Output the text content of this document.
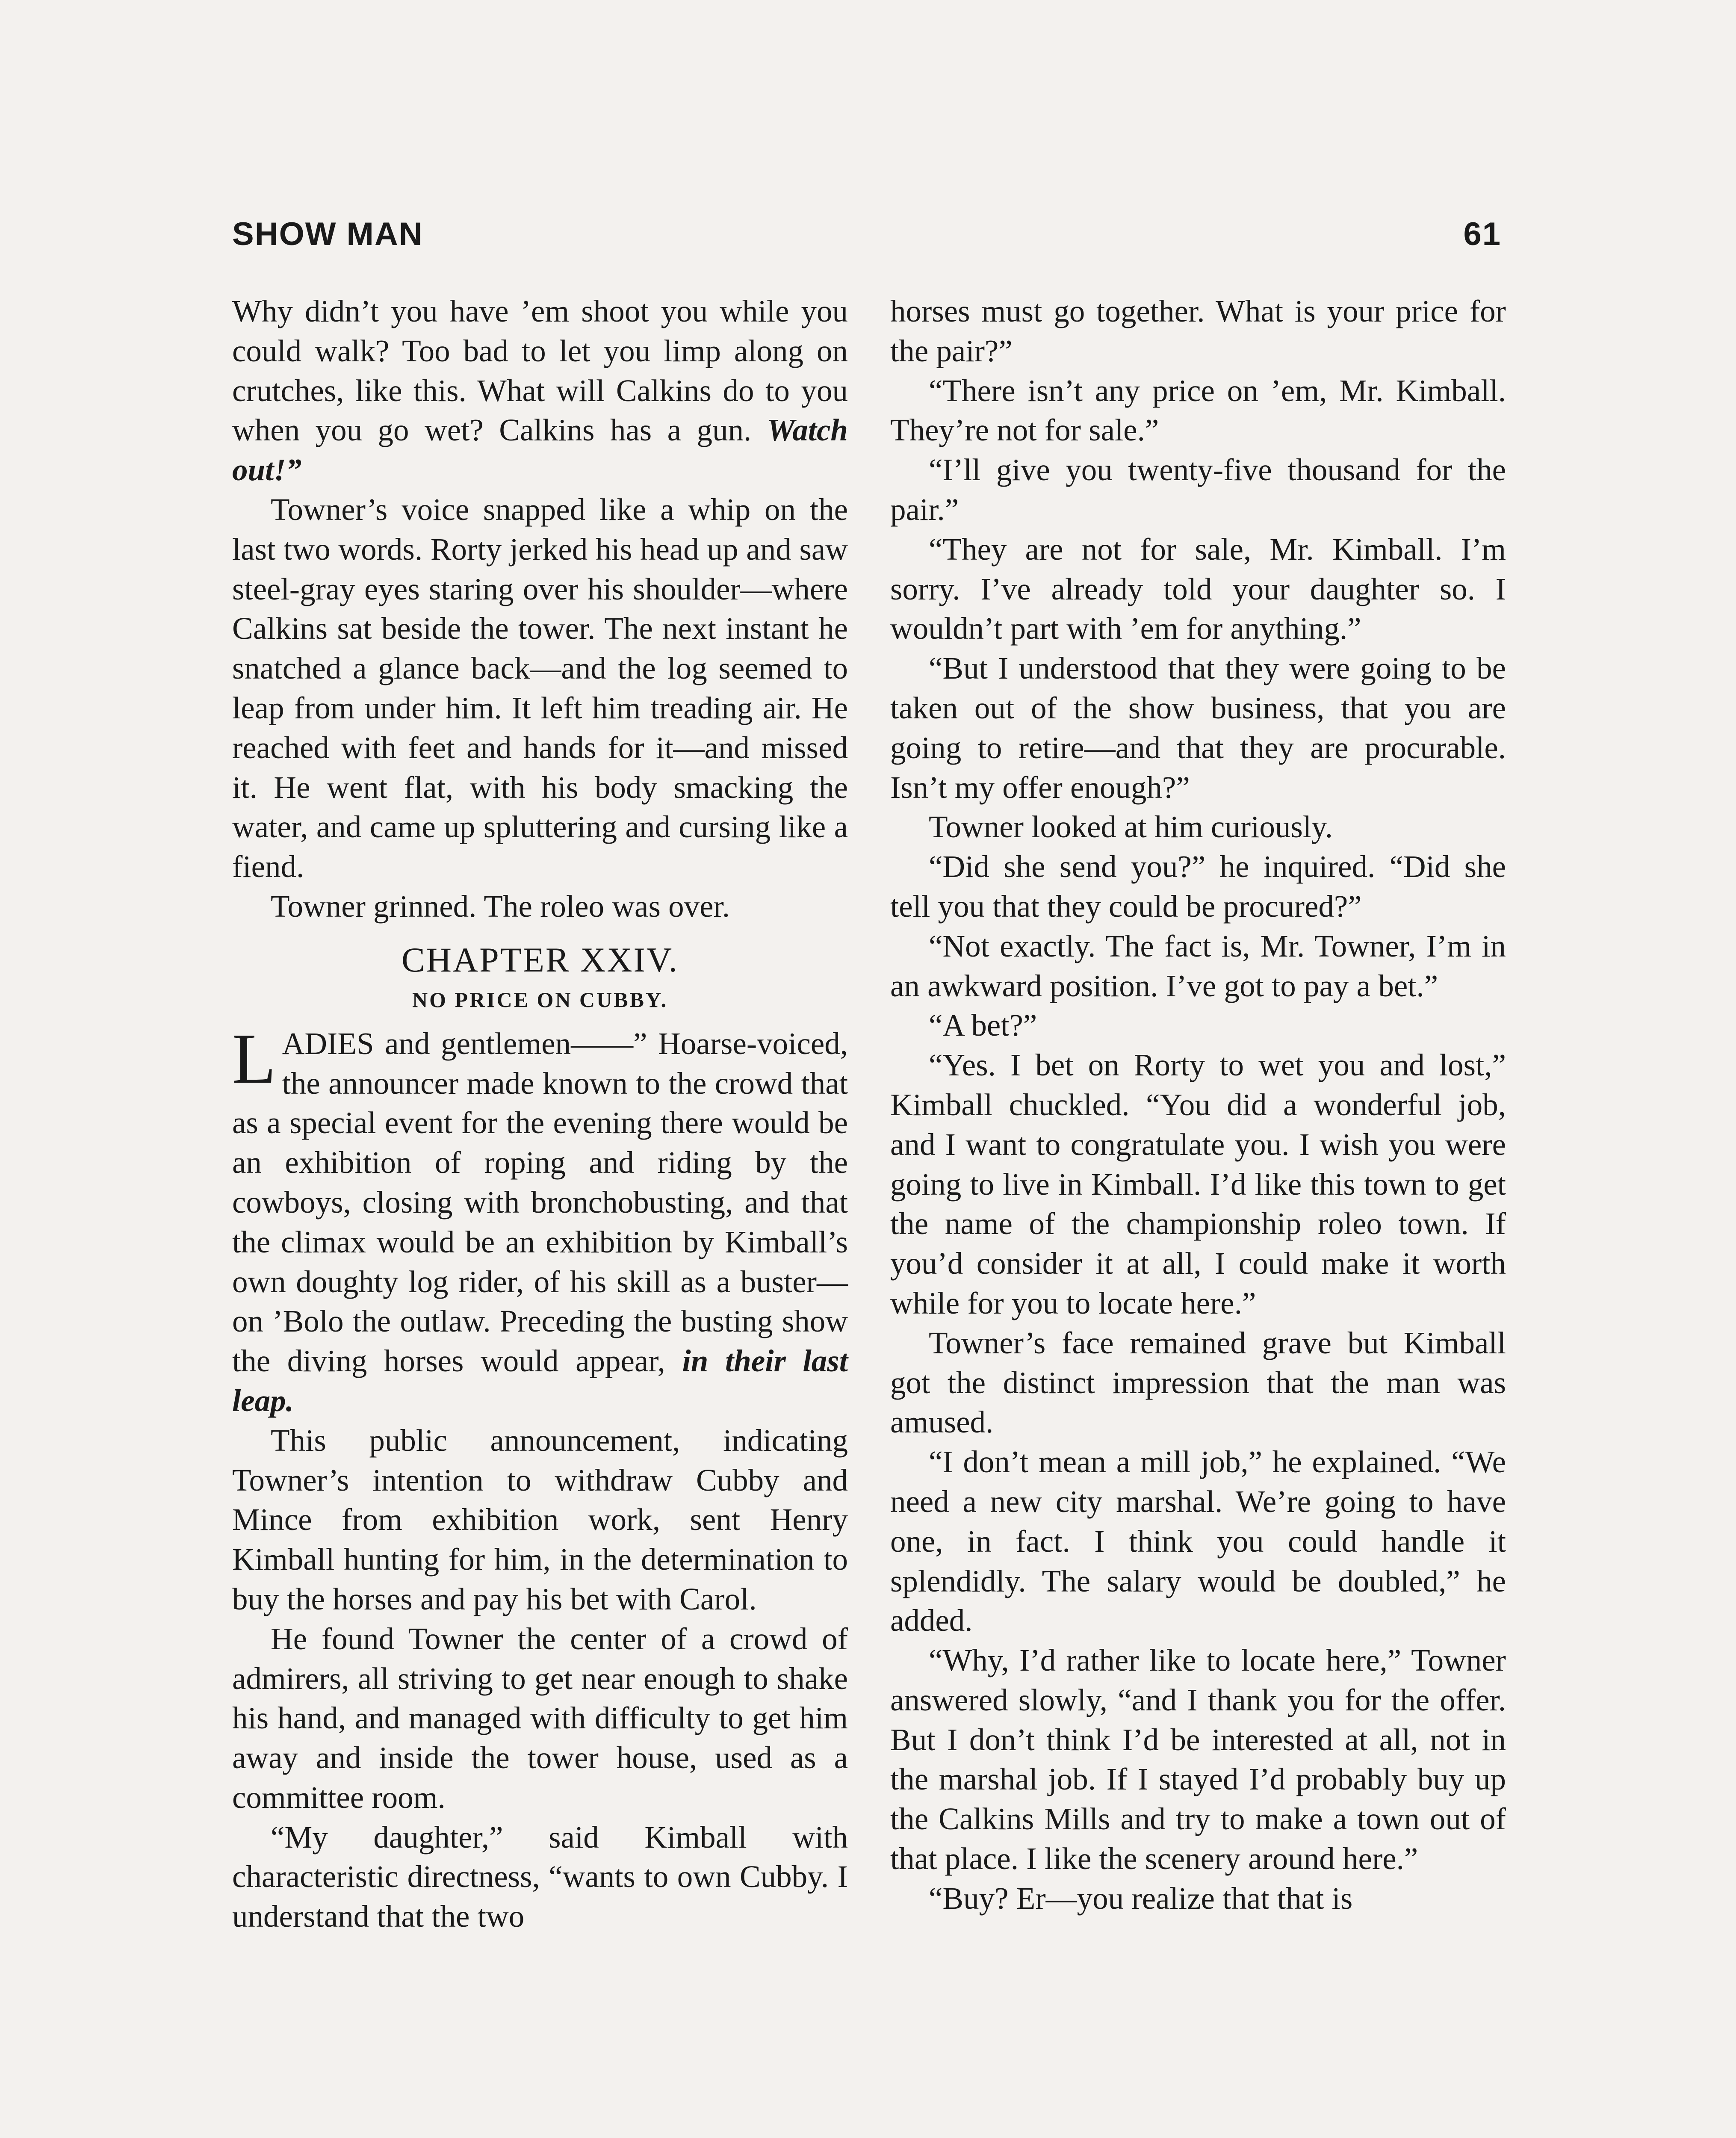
SHOW MAN	61

Why didn’t you have ’em shoot you while you could walk? Too bad to let you limp along on crutches, like this. What will Calkins do to you when you go wet? Calkins has a gun. Watch out!”

Towner’s voice snapped like a whip on the last two words. Rorty jerked his head up and saw steel-gray eyes staring over his shoulder—where Calkins sat beside the tower. The next instant he snatched a glance back—and the log seemed to leap from under him. It left him treading air. He reached with feet and hands for it—and missed it. He went flat, with his body smacking the water, and came up spluttering and cursing like a fiend.

Towner grinned. The roleo was over.

CHAPTER XXIV.
NO PRICE ON CUBBY.

LADIES and gentlemen——” Hoarse-voiced, the announcer made known to the crowd that as a special event for the evening there would be an exhibition of roping and riding by the cowboys, closing with bronchobusting, and that the climax would be an exhibition by Kimball’s own doughty log rider, of his skill as a buster—on ’Bolo the outlaw. Preceding the busting show the diving horses would appear, in their last leap.

This public announcement, indicating Towner’s intention to withdraw Cubby and Mince from exhibition work, sent Henry Kimball hunting for him, in the determination to buy the horses and pay his bet with Carol.

He found Towner the center of a crowd of admirers, all striving to get near enough to shake his hand, and managed with difficulty to get him away and inside the tower house, used as a committee room.

“My daughter,” said Kimball with characteristic directness, “wants to own Cubby. I understand that the two

horses must go together. What is your price for the pair?”

“There isn’t any price on ’em, Mr. Kimball. They’re not for sale.”

“I’ll give you twenty-five thousand for the pair.”

“They are not for sale, Mr. Kimball. I’m sorry. I’ve already told your daughter so. I wouldn’t part with ’em for anything.”

“But I understood that they were going to be taken out of the show business, that you are going to retire—and that they are procurable. Isn’t my offer enough?”

Towner looked at him curiously.

“Did she send you?” he inquired. “Did she tell you that they could be procured?”

“Not exactly. The fact is, Mr. Towner, I’m in an awkward position. I’ve got to pay a bet.”

“A bet?”

“Yes. I bet on Rorty to wet you and lost,” Kimball chuckled. “You did a wonderful job, and I want to congratulate you. I wish you were going to live in Kimball. I’d like this town to get the name of the championship roleo town. If you’d consider it at all, I could make it worth while for you to locate here.”

Towner’s face remained grave but Kimball got the distinct impression that the man was amused.

“I don’t mean a mill job,” he explained. “We need a new city marshal. We’re going to have one, in fact. I think you could handle it splendidly. The salary would be doubled,” he added.

“Why, I’d rather like to locate here,” Towner answered slowly, “and I thank you for the offer. But I don’t think I’d be interested at all, not in the marshal job. If I stayed I’d probably buy up the Calkins Mills and try to make a town out of that place. I like the scenery around here.”

“Buy? Er—you realize that that is
